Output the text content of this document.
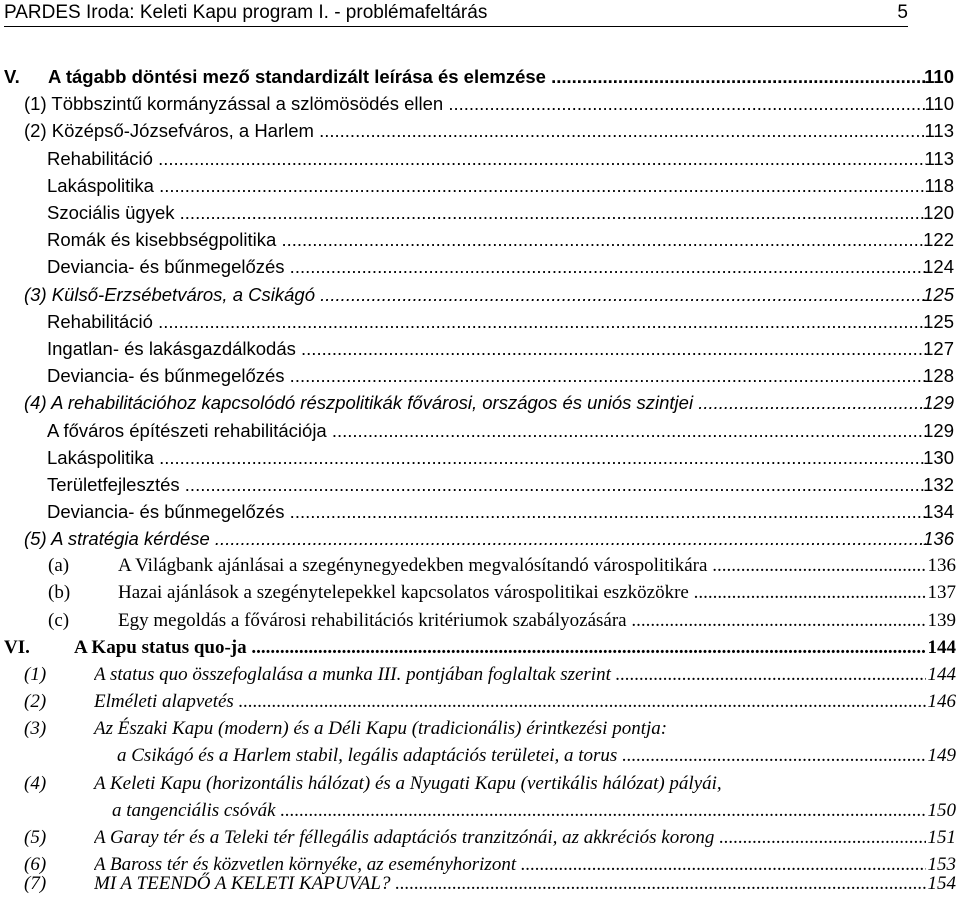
PARDES Iroda: Keleti Kapu program I. - problémafeltárás	5
V. A tágabb döntési mező standardizált leírása és elemzése .....	110
(1) Többszintű kormányzással a szlömösödés ellen .....	110
(2) Középső-Józsefváros, a Harlem .....	113
Rehabilitáció .....	113
Lakáspolitika .....	118
Szociális ügyek .....	120
Romák és kisebbségpolitika .....	122
Deviancia- és bűnmegelőzés .....	124
(3) Külső-Erzsébetváros, a Csikágó .....	125
Rehabilitáció .....	125
Ingatlan- és lakásgazdálkodás .....	127
Deviancia- és bűnmegelőzés .....	128
(4) A rehabilitációhoz kapcsolódó részpolitikák fővárosi, országos és uniós szintjei .....	129
A főváros építészeti rehabilitációja .....	129
Lakáspolitika .....	130
Területfejlesztés .....	132
Deviancia- és bűnmegelőzés .....	134
(5) A stratégia kérdése .....	136
(a)	A Világbank ajánlásai a szegénynegyedekben megvalósítandó várospolitikára .....	136
(b)	Hazai ajánlások a szegénytelepekkel kapcsolatos várospolitikai eszközökre .....	137
(c)	Egy megoldás a fővárosi rehabilitációs kritériumok szabályozására .....	139
VI. A Kapu status quo-ja .....	144
(1)	A status quo összefoglalása a munka III. pontjában foglaltak szerint .....	144
(2)	Elméleti alapvetés .....	146
(3)	Az Északi Kapu (modern) és a Déli Kapu (tradicionális) érintkezési pontja:
a Csikágó és a Harlem stabil, legális adaptációs területei, a torus .....	149
(4)	A Keleti Kapu (horizontális hálózat) és a Nyugati Kapu (vertikális hálózat) pályái,
a tangenciális csóvák .....	150
(5)	A Garay tér és a Teleki tér féllegális adaptációs tranzitzónái, az akkréciós korong .....	151
(6)	A Baross tér és közvetlen környéke, az eseményhorizont .....	153
(7)	MI A TEENDŐ A KELETI KAPUVAL? .....	154
